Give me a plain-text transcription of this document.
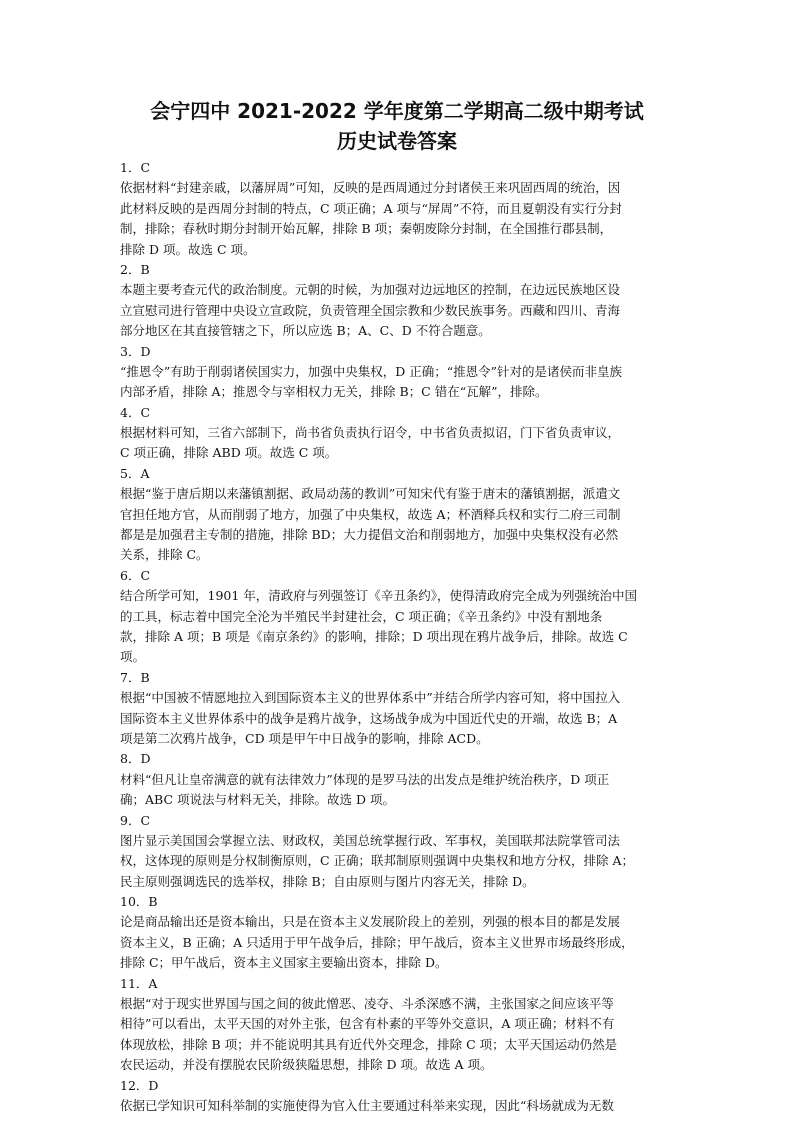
会宁四中 2021-2022 学年度第二学期高二级中期考试
历史试卷答案
1．C
依据材料“封建亲戚，以藩屏周”可知，反映的是西周通过分封诸侯王来巩固西周的统治，因
此材料反映的是西周分封制的特点，C 项正确；A 项与“屏周”不符，而且夏朝没有实行分封
制，排除；春秋时期分封制开始瓦解，排除 B 项；秦朝废除分封制，在全国推行郡县制，
排除 D 项。故选 C 项。
2．B
本题主要考查元代的政治制度。元朝的时候，为加强对边远地区的控制，在边远民族地区设
立宣慰司进行管理中央设立宣政院，负责管理全国宗教和少数民族事务。西藏和四川、青海
部分地区在其直接管辖之下，所以应选 B；A、C、D 不符合题意。
3．D
“推恩令”有助于削弱诸侯国实力，加强中央集权，D 正确；“推恩令”针对的是诸侯而非皇族
内部矛盾，排除 A；推恩令与宰相权力无关，排除 B；C 错在“瓦解”，排除。
4．C
根据材料可知，三省六部制下，尚书省负责执行诏令，中书省负责拟诏，门下省负责审议，
C 项正确，排除 ABD 项。故选 C 项。
5．A
根据“鉴于唐后期以来藩镇割据、政局动荡的教训”可知宋代有鉴于唐末的藩镇割据，派遣文
官担任地方官，从而削弱了地方，加强了中央集权，故选 A；杯酒释兵权和实行二府三司制
都是是加强君主专制的措施，排除 BD；大力提倡文治和削弱地方，加强中央集权没有必然
关系，排除 C。
6．C
结合所学可知，1901 年，清政府与列强签订《辛丑条约》，使得清政府完全成为列强统治中国
的工具，标志着中国完全沦为半殖民半封建社会，C 项正确；《辛丑条约》中没有割地条
款，排除 A 项；B 项是《南京条约》的影响，排除；D 项出现在鸦片战争后，排除。故选 C
项。
7．B
根据“中国被不情愿地拉入到国际资本主义的世界体系中”并结合所学内容可知，将中国拉入
国际资本主义世界体系中的战争是鸦片战争，这场战争成为中国近代史的开端，故选 B；A
项是第二次鸦片战争，CD 项是甲午中日战争的影响，排除 ACD。
8．D
材料“但凡让皇帝满意的就有法律效力”体现的是罗马法的出发点是维护统治秩序，D 项正
确；ABC 项说法与材料无关，排除。故选 D 项。
9．C
图片显示美国国会掌握立法、财政权，美国总统掌握行政、军事权，美国联邦法院掌管司法
权，这体现的原则是分权制衡原则，C 正确；联邦制原则强调中央集权和地方分权，排除 A；
民主原则强调选民的选举权，排除 B；自由原则与图片内容无关，排除 D。
10．B
论是商品输出还是资本输出，只是在资本主义发展阶段上的差别，列强的根本目的都是发展
资本主义，B 正确；A 只适用于甲午战争后，排除；甲午战后，资本主义世界市场最终形成，
排除 C；甲午战后，资本主义国家主要输出资本，排除 D。
11．A
根据“对于现实世界国与国之间的彼此憎恶、凌夺、斗杀深感不满，主张国家之间应该平等
相待”可以看出，太平天国的对外主张，包含有朴素的平等外交意识，A 项正确；材料不有
体现放松，排除 B 项；并不能说明其具有近代外交理念，排除 C 项；太平天国运动仍然是
农民运动，并没有摆脱农民阶级狭隘思想，排除 D 项。故选 A 项。
12．D
依据已学知识可知科举制的实施使得为官入仕主要通过科举来实现，因此“科场就成为无数
